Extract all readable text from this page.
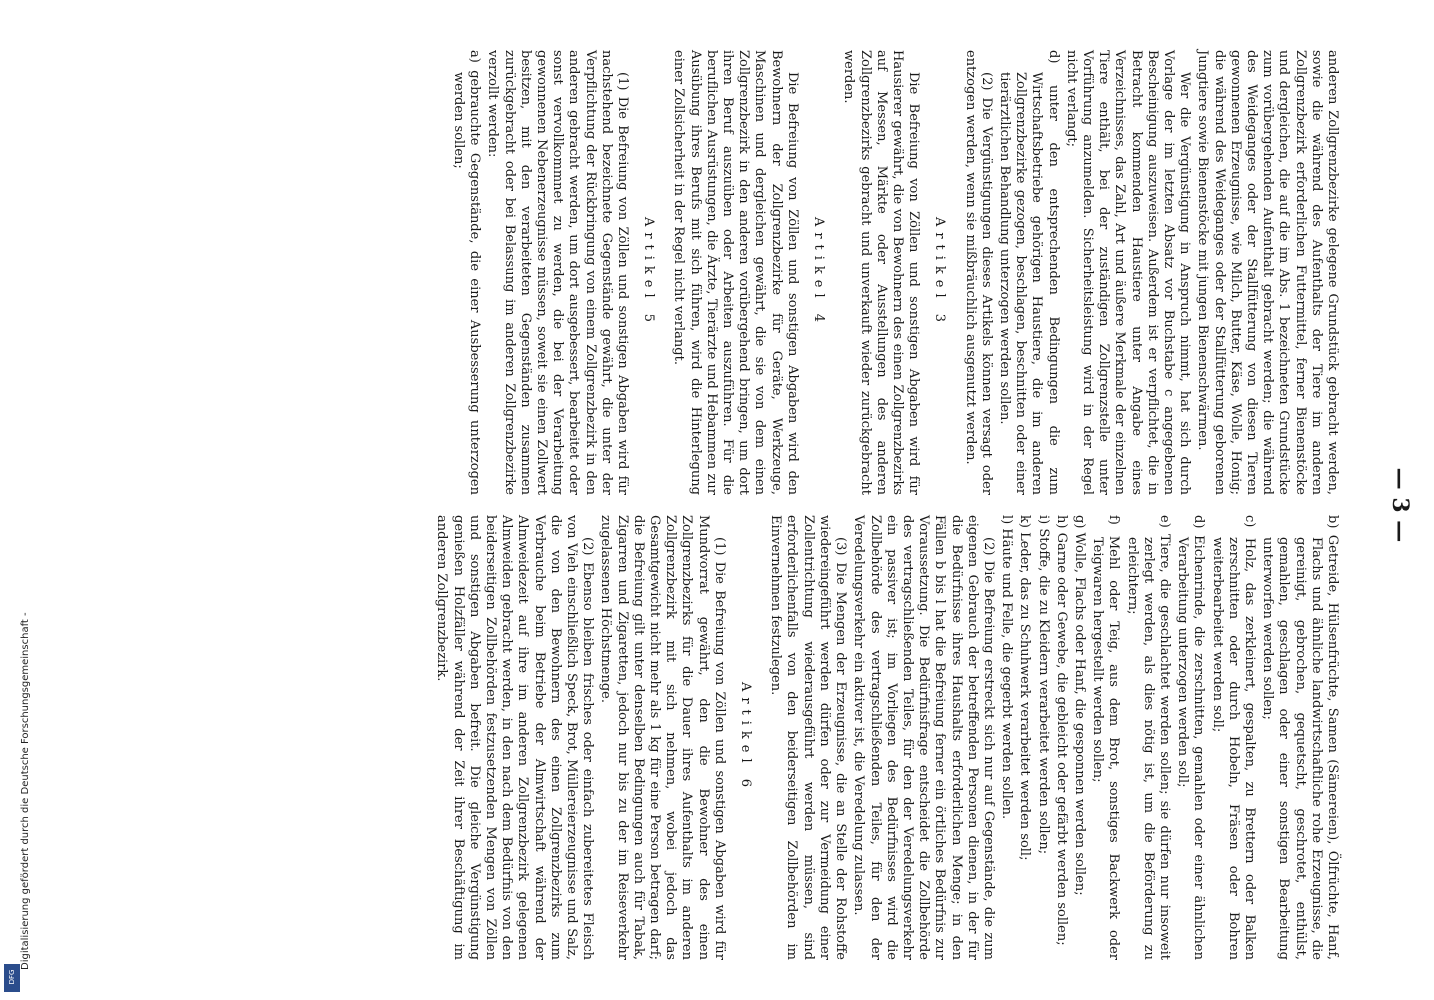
— 3 —

anderen Zollgrenzbezirke gelegene Grundstück gebracht werden, sowie die während des Aufenthalts der Tiere im anderen Zollgrenzbezirk erforderlichen Futtermittel, ferner Bienenstöcke und dergleichen, die auf die im Abs. 1 bezeichneten Grundstücke zum vorübergehenden Aufenthalt gebracht werden; die während des Weideganges oder der Stallfütterung von diesen Tieren gewonnenen Erzeugnisse, wie Milch, Butter, Käse, Wolle, Honig; die während des Weideganges oder der Stallfütterung geborenen Jungtiere sowie Bienenstöcke mit jungen Bienenschwärmen.

Wer die Vergünstigung in Anspruch nimmt, hat sich durch Vorlage der im letzten Absatz vor Buchstabe c angegebenen Bescheinigung auszuweisen. Außerdem ist er verpflichtet, die in Betracht kommenden Haustiere unter Angabe eines Verzeichnisses, das Zahl, Art und äußere Merkmale der einzelnen Tiere enthält, bei der zuständigen Zollgrenzstelle unter Vorführung anzumelden. Sicherheitsleistung wird in der Regel nicht verlangt;

d) unter den entsprechenden Bedingungen die zum Wirtschaftsbetriebe gehörigen Haustiere, die im anderen Zollgrenzbezirke gezogen, beschlagen, beschnitten oder einer tierärztlichen Behandlung unterzogen werden sollen.

(2) Die Vergünstigungen dieses Artikels können versagt oder entzogen werden, wenn sie mißbräuchlich ausgenutzt werden.

Artikel 3

Die Befreiung von Zöllen und sonstigen Abgaben wird für Hausierer gewährt, die von Bewohnern des einen Zollgrenzbezirks auf Messen, Märkte oder Ausstellungen des anderen Zollgrenzbezirks gebracht und unverkauft wieder zurückgebracht werden.

Artikel 4

Die Befreiung von Zöllen und sonstigen Abgaben wird den Bewohnern der Zollgrenzbezirke für Geräte, Werkzeuge, Maschinen und dergleichen gewährt, die sie von dem einen Zollgrenzbezirk in den anderen vorübergehend bringen, um dort ihren Beruf auszuüben oder Arbeiten auszuführen. Für die beruflichen Ausrüstungen, die Ärzte, Tierärzte und Hebammen zur Ausübung ihres Berufs mit sich führen, wird die Hinterlegung einer Zollsicherheit in der Regel nicht verlangt.

Artikel 5

(1) Die Befreiung von Zöllen und sonstigen Abgaben wird für nachstehend bezeichnete Gegenstände gewährt, die unter der Verpflichtung der Rückbringung von einem Zollgrenzbezirk in den anderen gebracht werden, um dort ausgebessert, bearbeitet oder sonst vervollkommnet zu werden, die bei der Verarbeitung gewonnenen Nebenerzeugnisse müssen, soweit sie einen Zollwert besitzen, mit den verarbeiteten Gegenständen zusammen zurückgebracht oder bei Belassung im anderen Zollgrenzbezirke verzollt werden:

a) gebrauchte Gegenstände, die einer Ausbesserung unterzogen werden sollen;

b) Getreide, Hülsenfrüchte, Samen (Sämereien), Ölfrüchte, Hanf, Flachs und ähnliche landwirtschaftliche rohe Erzeugnisse, die gereinigt, gebrochen, gequetscht, geschrotet, enthülst, gemahlen, geschlagen oder einer sonstigen Bearbeitung unterworfen werden sollen;

c) Holz, das zerkleinert, gespalten, zu Brettern oder Balken zerschnitten oder durch Hobeln, Fräsen oder Bohren weiterbearbeitet werden soll;

d) Eichenrinde, die zerschnitten, gemahlen oder einer ähnlichen Verarbeitung unterzogen werden soll;

e) Tiere, die geschlachtet werden sollen; sie dürfen nur insoweit zerlegt werden, als dies nötig ist, um die Beförderung zu erleichtern;

f) Mehl oder Teig, aus dem Brot, sonstiges Backwerk oder Teigwaren hergestellt werden sollen;

g) Wolle, Flachs oder Hanf, die gesponnen werden sollen;

h) Garne oder Gewebe, die gebleicht oder gefärbt werden sollen;

i) Stoffe, die zu Kleidern verarbeitet werden sollen;

k) Leder, das zu Schuhwerk verarbeitet werden soll;

l) Häute und Felle, die gegerbt werden sollen.

(2) Die Befreiung erstreckt sich nur auf Gegenstände, die zum eigenen Gebrauch der betreffenden Personen dienen, in der für die Bedürfnisse ihres Haushalts erforderlichen Menge; in den Fällen b bis l hat die Befreiung ferner ein örtliches Bedürfnis zur Voraussetzung. Die Bedürfnisfrage entscheidet die Zollbehörde des vertragschließenden Teiles, für den der Veredelungsverkehr ein passiver ist; im Vorliegen des Bedürfnisses wird die Zollbehörde des vertragschließenden Teiles, für den der Veredelungsverkehr ein aktiver ist, die Veredelung zulassen.

(3) Die Mengen der Erzeugnisse, die an Stelle der Rohstoffe wiedereingeführt werden dürfen oder zur Vermeidung einer Zollentrichtung wiederausgeführt werden müssen, sind erforderlichenfalls von den beiderseitigen Zollbehörden im Einvernehmen festzulegen.

Artikel 6

(1) Die Befreiung von Zöllen und sonstigen Abgaben wird für Mundvorrat gewährt, den die Bewohner des einen Zollgrenzbezirks für die Dauer ihres Aufenthalts im anderen Zollgrenzbezirk mit sich nehmen, wobei jedoch das Gesamtgewicht nicht mehr als 1 kg für eine Person betragen darf; die Befreiung gilt unter denselben Bedingungen auch für Tabak, Zigarren und Zigaretten, jedoch nur bis zu der im Reiseverkehr zugelassenen Höchstmenge.

(2) Ebenso bleiben frisches oder einfach zubereitetes Fleisch von Vieh einschließlich Speck, Brot, Müllereierzeugnisse und Salz, die von den Bewohnern des einen Zollgrenzbezirks zum Verbrauche beim Betriebe der Almwirtschaft während der Almweidezeit auf ihre im anderen Zollgrenzbezirk gelegenen Almweiden gebracht werden, in den nach dem Bedürfnis von den beiderseitigen Zollbehörden festzusetzenden Mengen von Zöllen und sonstigen Abgaben befreit. Die gleiche Vergünstigung genießen Holzfäller während der Zeit ihrer Beschäftigung im anderen Zollgrenzbezirk.

Digitalisierung gefördert durch die Deutsche Forschungsgemeinschaft -
DFG
